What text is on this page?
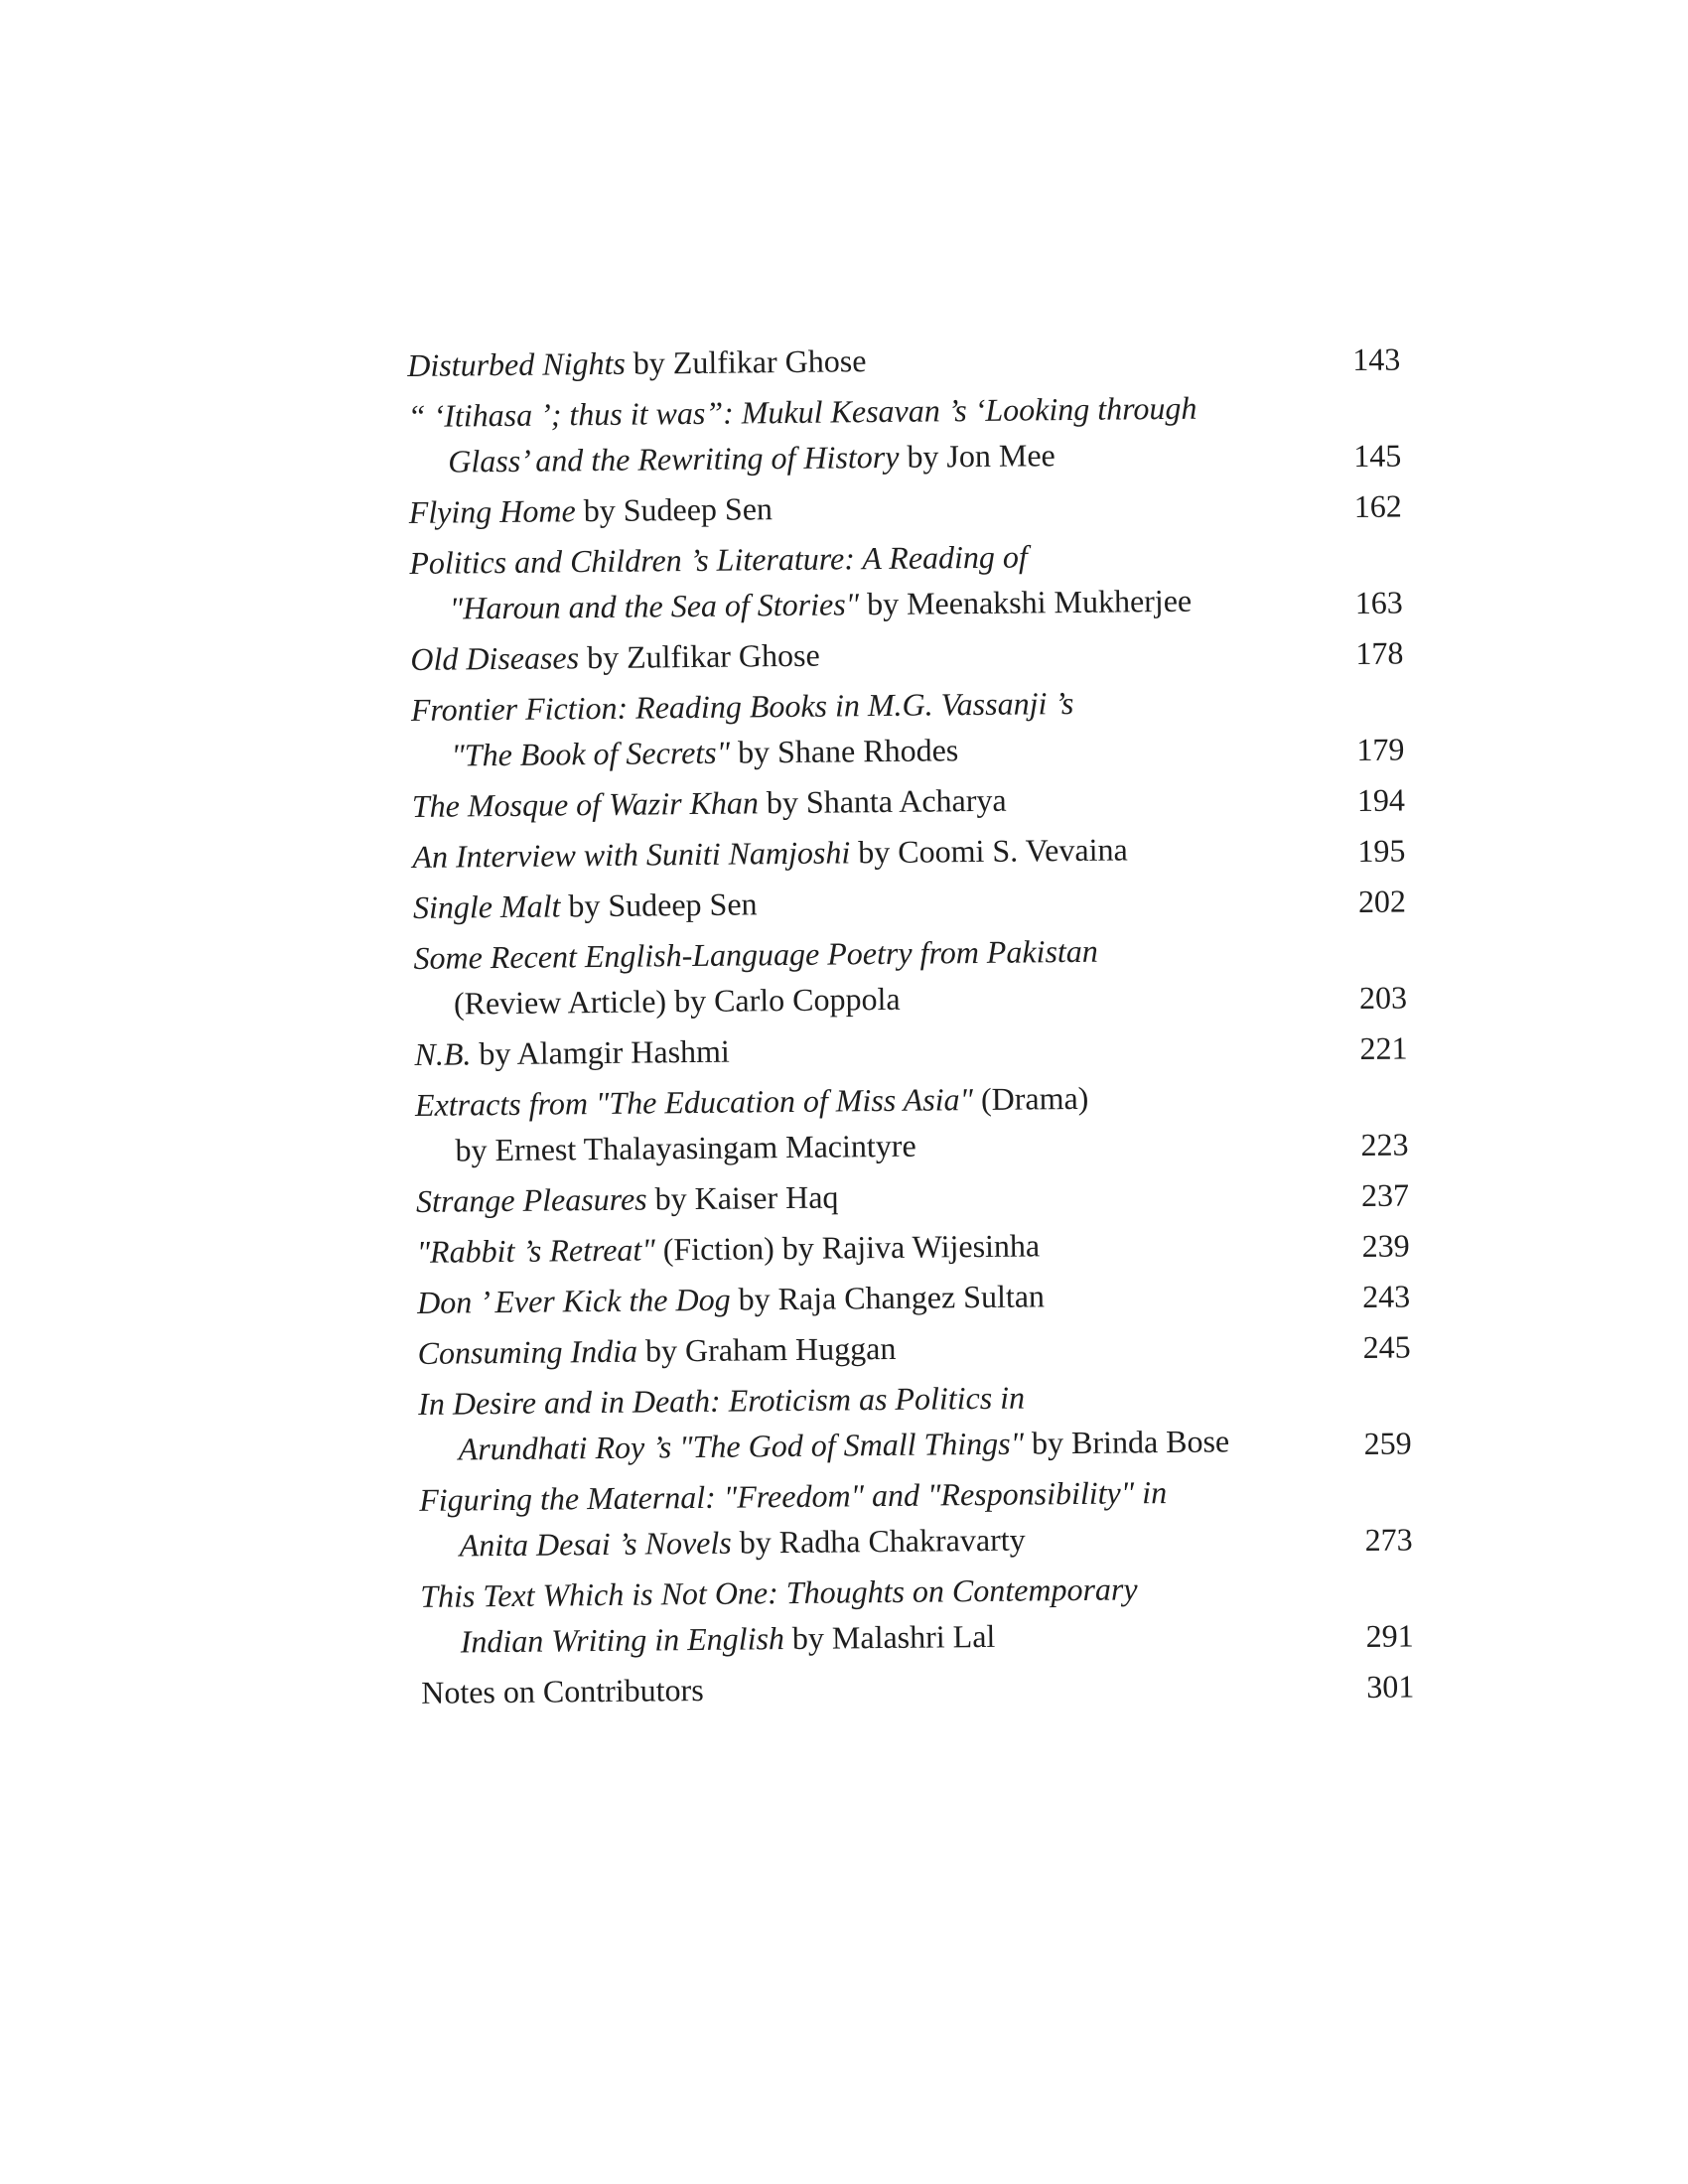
Disturbed Nights by Zulfikar Ghose	143
“ ‘Itihasa ’; thus it was”: Mukul Kesavan ’s ‘Looking through
Glass’ and the Rewriting of History by Jon Mee	145
Flying Home by Sudeep Sen	162
Politics and Children ’s Literature: A Reading of
"Haroun and the Sea of Stories" by Meenakshi Mukherjee	163
Old Diseases by Zulfikar Ghose	178
Frontier Fiction: Reading Books in M.G. Vassanji ’s
"The Book of Secrets" by Shane Rhodes	179
The Mosque of Wazir Khan by Shanta Acharya	194
An Interview with Suniti Namjoshi by Coomi S. Vevaina	195
Single Malt by Sudeep Sen	202
Some Recent English-Language Poetry from Pakistan
(Review Article) by Carlo Coppola	203
N.B. by Alamgir Hashmi	221
Extracts from "The Education of Miss Asia" (Drama)
by Ernest Thalayasingam Macintyre	223
Strange Pleasures by Kaiser Haq	237
"Rabbit ’s Retreat" (Fiction) by Rajiva Wijesinha	239
Don ’ Ever Kick the Dog by Raja Changez Sultan	243
Consuming India by Graham Huggan	245
In Desire and in Death: Eroticism as Politics in
Arundhati Roy ’s "The God of Small Things" by Brinda Bose	259
Figuring the Maternal: "Freedom" and "Responsibility" in
Anita Desai ’s Novels by Radha Chakravarty	273
This Text Which is Not One: Thoughts on Contemporary
Indian Writing in English by Malashri Lal	291
Notes on Contributors	301
